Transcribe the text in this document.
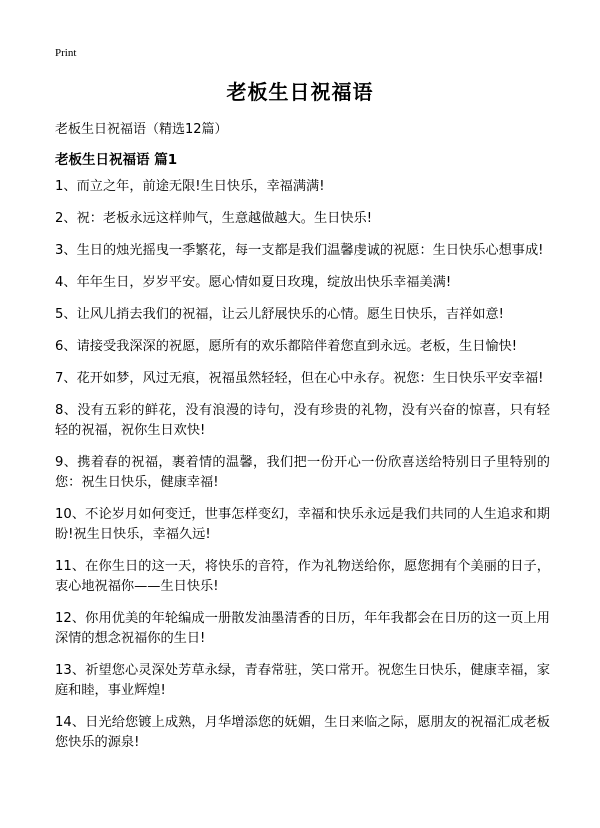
Print
老板生日祝福语
老板生日祝福语（精选12篇）
老板生日祝福语 篇1
1、而立之年，前途无限!生日快乐，幸福满满!
2、祝：老板永远这样帅气，生意越做越大。生日快乐!
3、生日的烛光摇曳一季繁花，每一支都是我们温馨虔诚的祝愿：生日快乐心想事成!
4、年年生日，岁岁平安。愿心情如夏日玫瑰，绽放出快乐幸福美满!
5、让风儿捎去我们的祝福，让云儿舒展快乐的心情。愿生日快乐，吉祥如意!
6、请接受我深深的祝愿，愿所有的欢乐都陪伴着您直到永远。老板，生日愉快!
7、花开如梦，风过无痕，祝福虽然轻轻，但在心中永存。祝您：生日快乐平安幸福!
8、没有五彩的鲜花，没有浪漫的诗句，没有珍贵的礼物，没有兴奋的惊喜，只有轻轻的祝福，祝你生日欢快!
9、携着春的祝福，裹着情的温馨，我们把一份开心一份欣喜送给特别日子里特别的您：祝生日快乐，健康幸福!
10、不论岁月如何变迁，世事怎样变幻，幸福和快乐永远是我们共同的人生追求和期盼!祝生日快乐，幸福久远!
11、在你生日的这一天，将快乐的音符，作为礼物送给你，愿您拥有个美丽的日子，衷心地祝福你——生日快乐!
12、你用优美的年轮编成一册散发油墨清香的日历，年年我都会在日历的这一页上用深情的想念祝福你的生日!
13、祈望您心灵深处芳草永绿，青春常驻，笑口常开。祝您生日快乐，健康幸福，家庭和睦，事业辉煌!
14、日光给您镀上成熟，月华增添您的妩媚，生日来临之际，愿朋友的祝福汇成老板您快乐的源泉!
